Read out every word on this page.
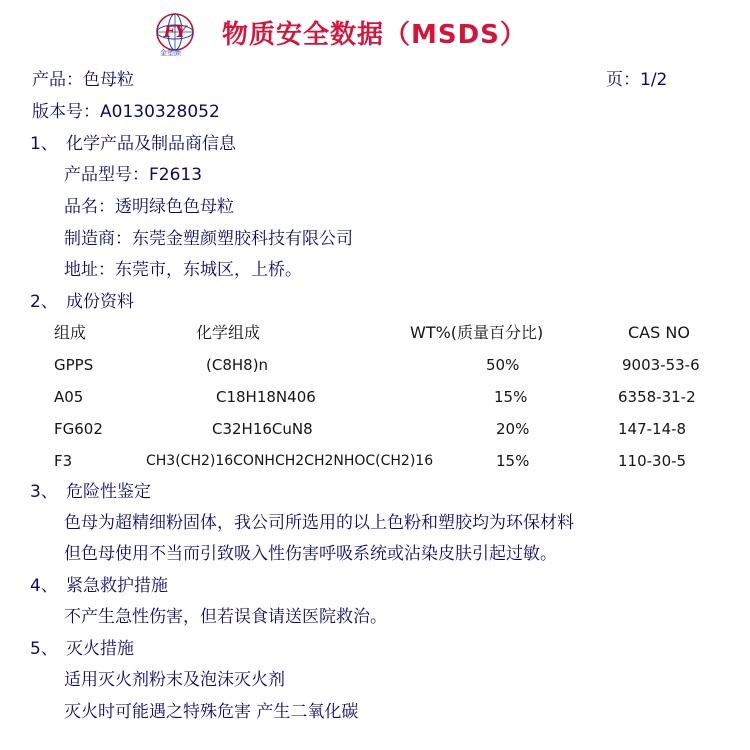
FY
金塑颜
物质安全数据（MSDS）
产品：色母粒	页：1/2
版本号：A0130328052
1、 化学产品及制品商信息
产品型号：F2613
品名：透明绿色色母粒
制造商：东莞金塑颜塑胶科技有限公司
地址：东莞市，东城区，上桥。
2、 成份资料
组成	化学组成	WT%(质量百分比)	CAS NO
GPPS	(C8H8)n	50%	9003-53-6
A05	C18H18N406	15%	6358-31-2
FG602	C32H16CuN8	20%	147-14-8
F3	CH3(CH2)16CONHCH2CH2NHOC(CH2)16	15%	110-30-5
3、 危险性鉴定
色母为超精细粉固体，我公司所选用的以上色粉和塑胶均为环保材料
但色母使用不当而引致吸入性伤害呼吸系统或沾染皮肤引起过敏。
4、 紧急救护措施
不产生急性伤害，但若误食请送医院救治。
5、 灭火措施
适用灭火剂粉末及泡沫灭火剂
灭火时可能遇之特殊危害 产生二氧化碳
